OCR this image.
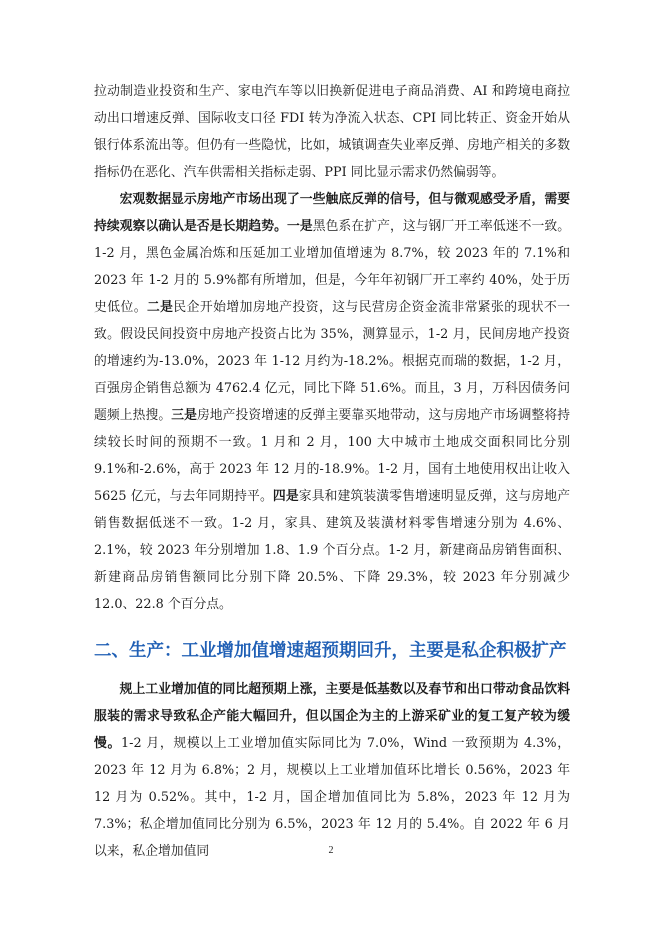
拉动制造业投资和生产、家电汽车等以旧换新促进电子商品消费、AI 和跨境电商拉动出口增速反弹、国际收支口径 FDI 转为净流入状态、CPI 同比转正、资金开始从银行体系流出等。但仍有一些隐忧，比如，城镇调查失业率反弹、房地产相关的多数指标仍在恶化、汽车供需相关指标走弱、PPI 同比显示需求仍然偏弱等。

宏观数据显示房地产市场出现了一些触底反弹的信号，但与微观感受矛盾，需要持续观察以确认是否是长期趋势。一是黑色系在扩产，这与钢厂开工率低迷不一致。1-2 月，黑色金属冶炼和压延加工业增加值增速为 8.7%，较 2023 年的 7.1%和 2023 年 1-2 月的 5.9%都有所增加，但是，今年年初钢厂开工率约 40%，处于历史低位。二是民企开始增加房地产投资，这与民营房企资金流非常紧张的现状不一致。假设民间投资中房地产投资占比为 35%，测算显示，1-2 月，民间房地产投资的增速约为-13.0%，2023 年 1-12 月约为-18.2%。根据克而瑞的数据，1-2 月，百强房企销售总额为 4762.4 亿元，同比下降 51.6%。而且，3 月，万科因债务问题频上热搜。三是房地产投资增速的反弹主要靠买地带动，这与房地产市场调整将持续较长时间的预期不一致。1 月和 2 月，100 大中城市土地成交面积同比分别 9.1%和-2.6%，高于 2023 年 12 月的-18.9%。1-2 月，国有土地使用权出让收入 5625 亿元，与去年同期持平。四是家具和建筑装潢零售增速明显反弹，这与房地产销售数据低迷不一致。1-2 月，家具、建筑及装潢材料零售增速分别为 4.6%、2.1%，较 2023 年分别增加 1.8、1.9 个百分点。1-2 月，新建商品房销售面积、新建商品房销售额同比分别下降 20.5%、下降 29.3%，较 2023 年分别减少 12.0、22.8 个百分点。

二、生产：工业增加值增速超预期回升，主要是私企积极扩产

规上工业增加值的同比超预期上涨，主要是低基数以及春节和出口带动食品饮料服装的需求导致私企产能大幅回升，但以国企为主的上游采矿业的复工复产较为缓慢。1-2 月，规模以上工业增加值实际同比为 7.0%，Wind 一致预期为 4.3%，2023 年 12 月为 6.8%；2 月，规模以上工业增加值环比增长 0.56%，2023 年 12 月为 0.52%。其中，1-2 月，国企增加值同比为 5.8%，2023 年 12 月为 7.3%；私企增加值同比分别为 6.5%，2023 年 12 月的 5.4%。自 2022 年 6 月以来，私企增加值同	2
